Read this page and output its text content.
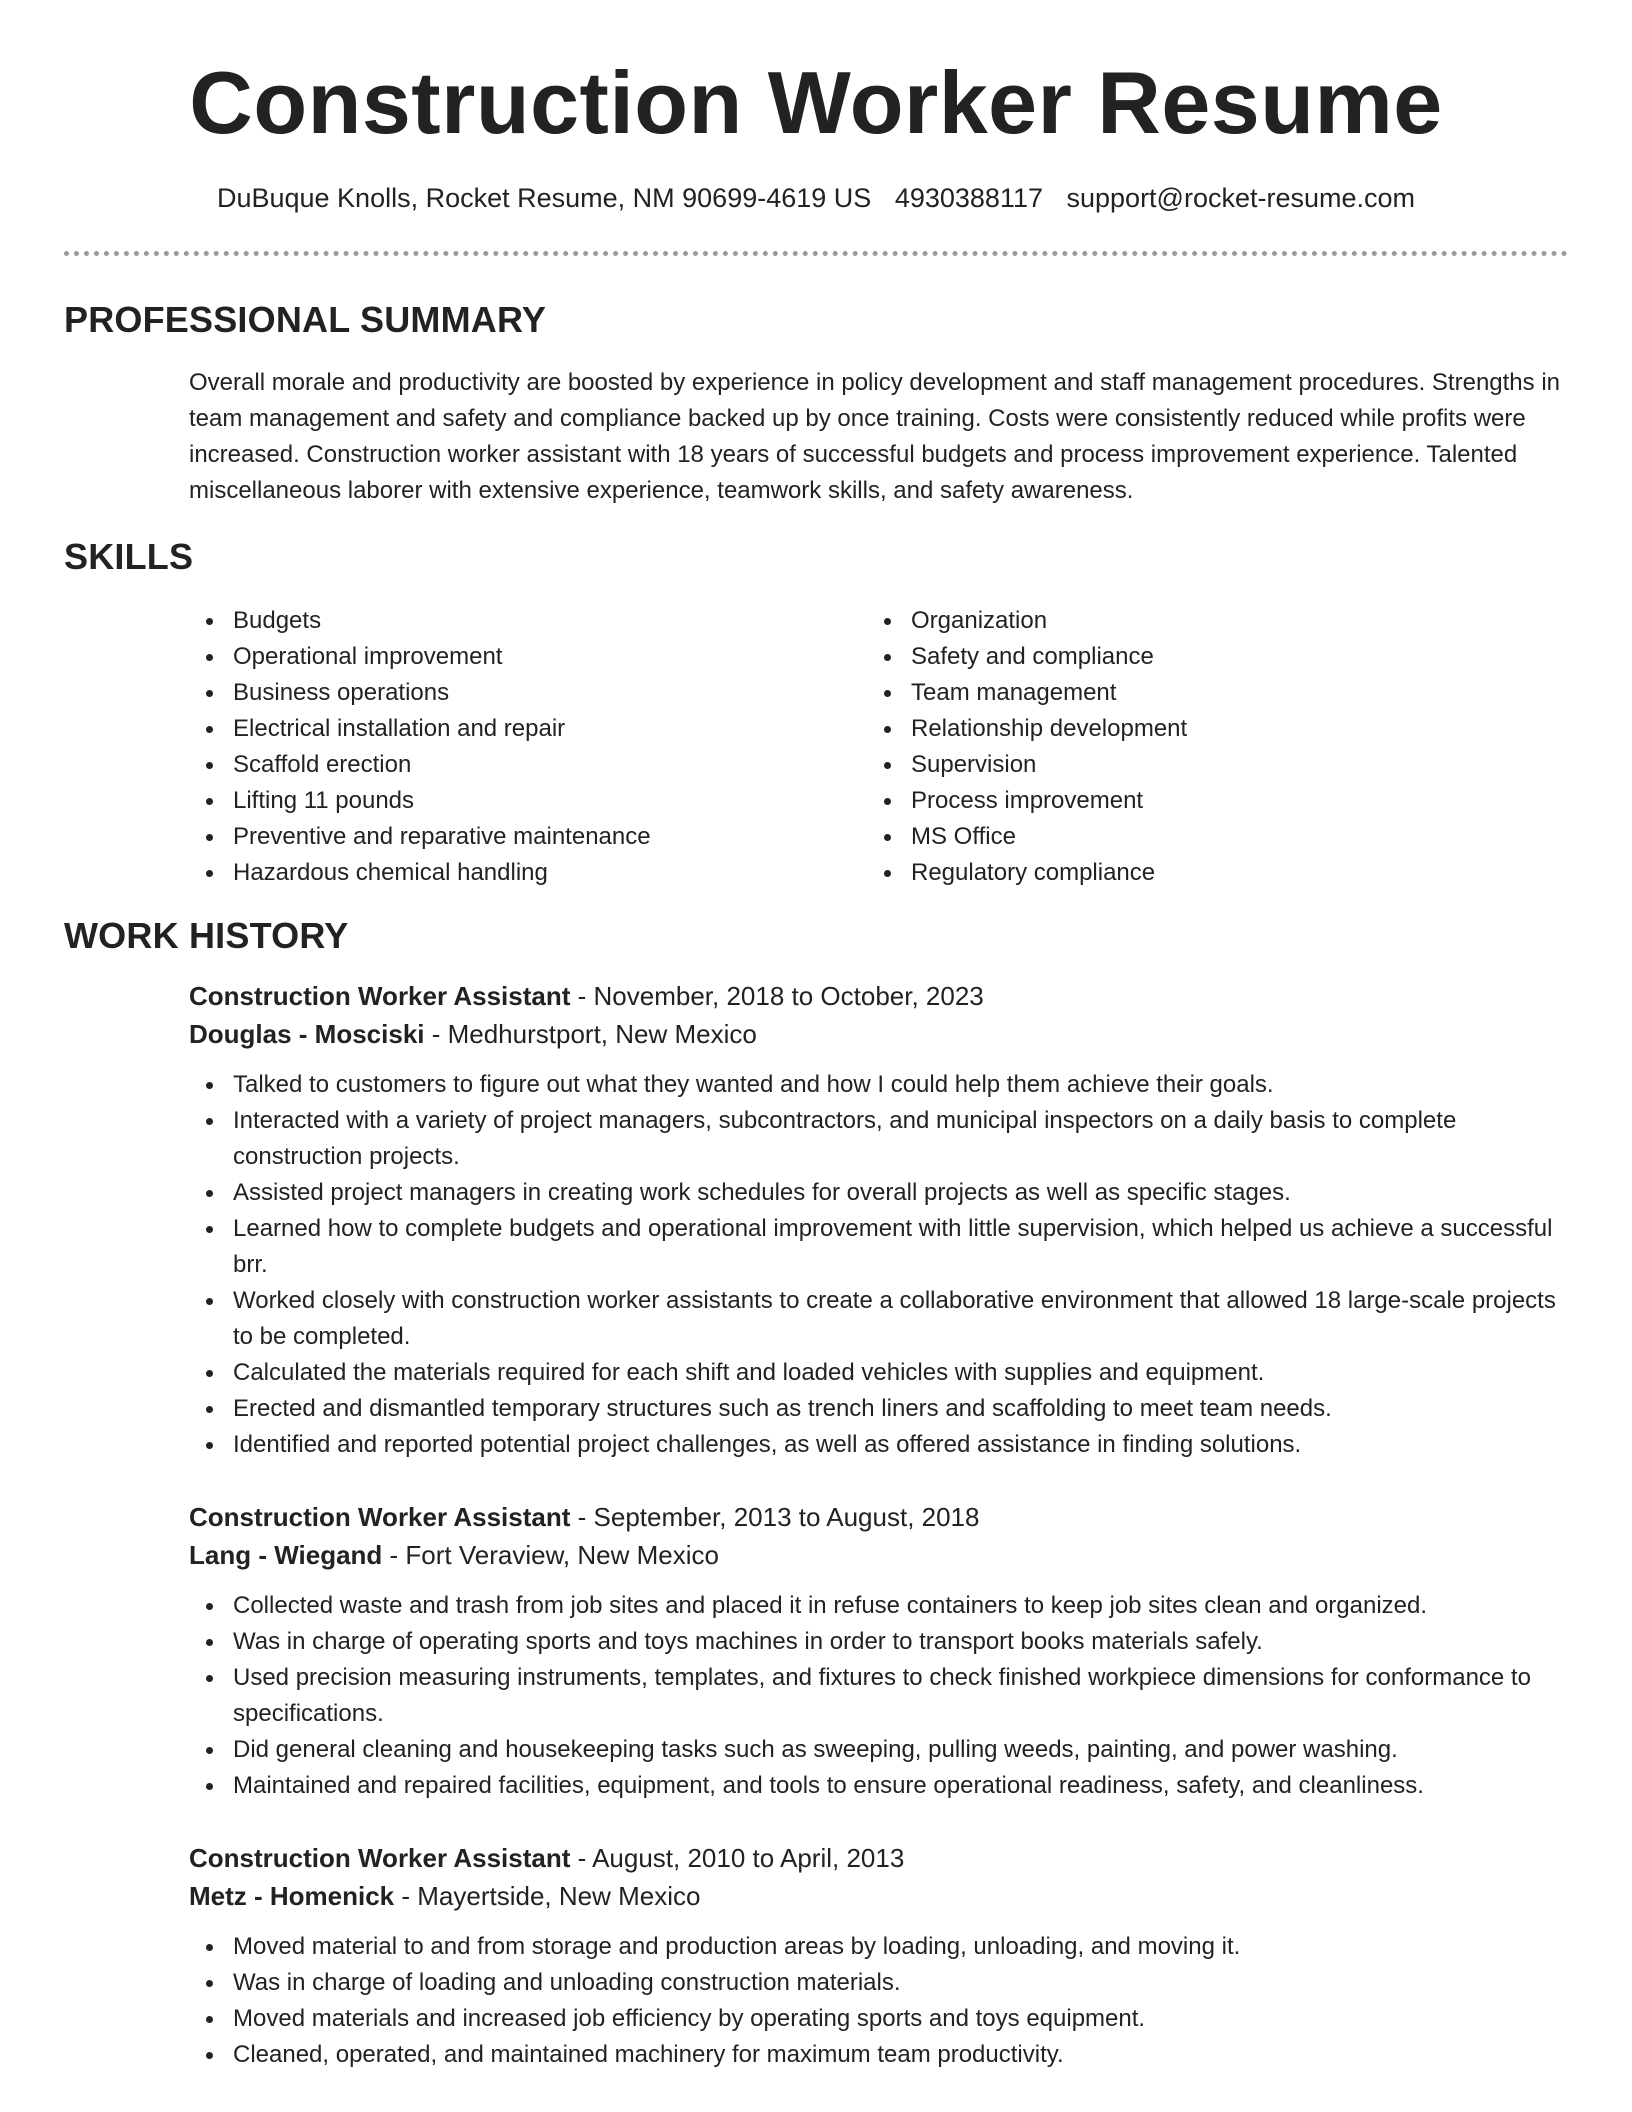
Construction Worker Resume
DuBuque Knolls, Rocket Resume, NM 90699-4619 US 4930388117 support@rocket-resume.com
PROFESSIONAL SUMMARY

Overall morale and productivity are boosted by experience in policy development and staff management procedures. Strengths in team management and safety and compliance backed up by once training. Costs were consistently reduced while profits were increased. Construction worker assistant with 18 years of successful budgets and process improvement experience. Talented miscellaneous laborer with extensive experience, teamwork skills, and safety awareness.

SKILLS
Budgets
Operational improvement
Business operations
Electrical installation and repair
Scaffold erection
Lifting 11 pounds
Preventive and reparative maintenance
Hazardous chemical handling
Organization
Safety and compliance
Team management
Relationship development
Supervision
Process improvement
MS Office
Regulatory compliance
WORK HISTORY
Construction Worker Assistant - November, 2018 to October, 2023
Douglas - Mosciski - Medhurstport, New Mexico
Talked to customers to figure out what they wanted and how I could help them achieve their goals.
Interacted with a variety of project managers, subcontractors, and municipal inspectors on a daily basis to complete construction projects.
Assisted project managers in creating work schedules for overall projects as well as specific stages.
Learned how to complete budgets and operational improvement with little supervision, which helped us achieve a successful brr.
Worked closely with construction worker assistants to create a collaborative environment that allowed 18 large-scale projects to be completed.
Calculated the materials required for each shift and loaded vehicles with supplies and equipment.
Erected and dismantled temporary structures such as trench liners and scaffolding to meet team needs.
Identified and reported potential project challenges, as well as offered assistance in finding solutions.
Construction Worker Assistant - September, 2013 to August, 2018
Lang - Wiegand - Fort Veraview, New Mexico
Collected waste and trash from job sites and placed it in refuse containers to keep job sites clean and organized.
Was in charge of operating sports and toys machines in order to transport books materials safely.
Used precision measuring instruments, templates, and fixtures to check finished workpiece dimensions for conformance to specifications.
Did general cleaning and housekeeping tasks such as sweeping, pulling weeds, painting, and power washing.
Maintained and repaired facilities, equipment, and tools to ensure operational readiness, safety, and cleanliness.
Construction Worker Assistant - August, 2010 to April, 2013
Metz - Homenick - Mayertside, New Mexico
Moved material to and from storage and production areas by loading, unloading, and moving it.
Was in charge of loading and unloading construction materials.
Moved materials and increased job efficiency by operating sports and toys equipment.
Cleaned, operated, and maintained machinery for maximum team productivity.
